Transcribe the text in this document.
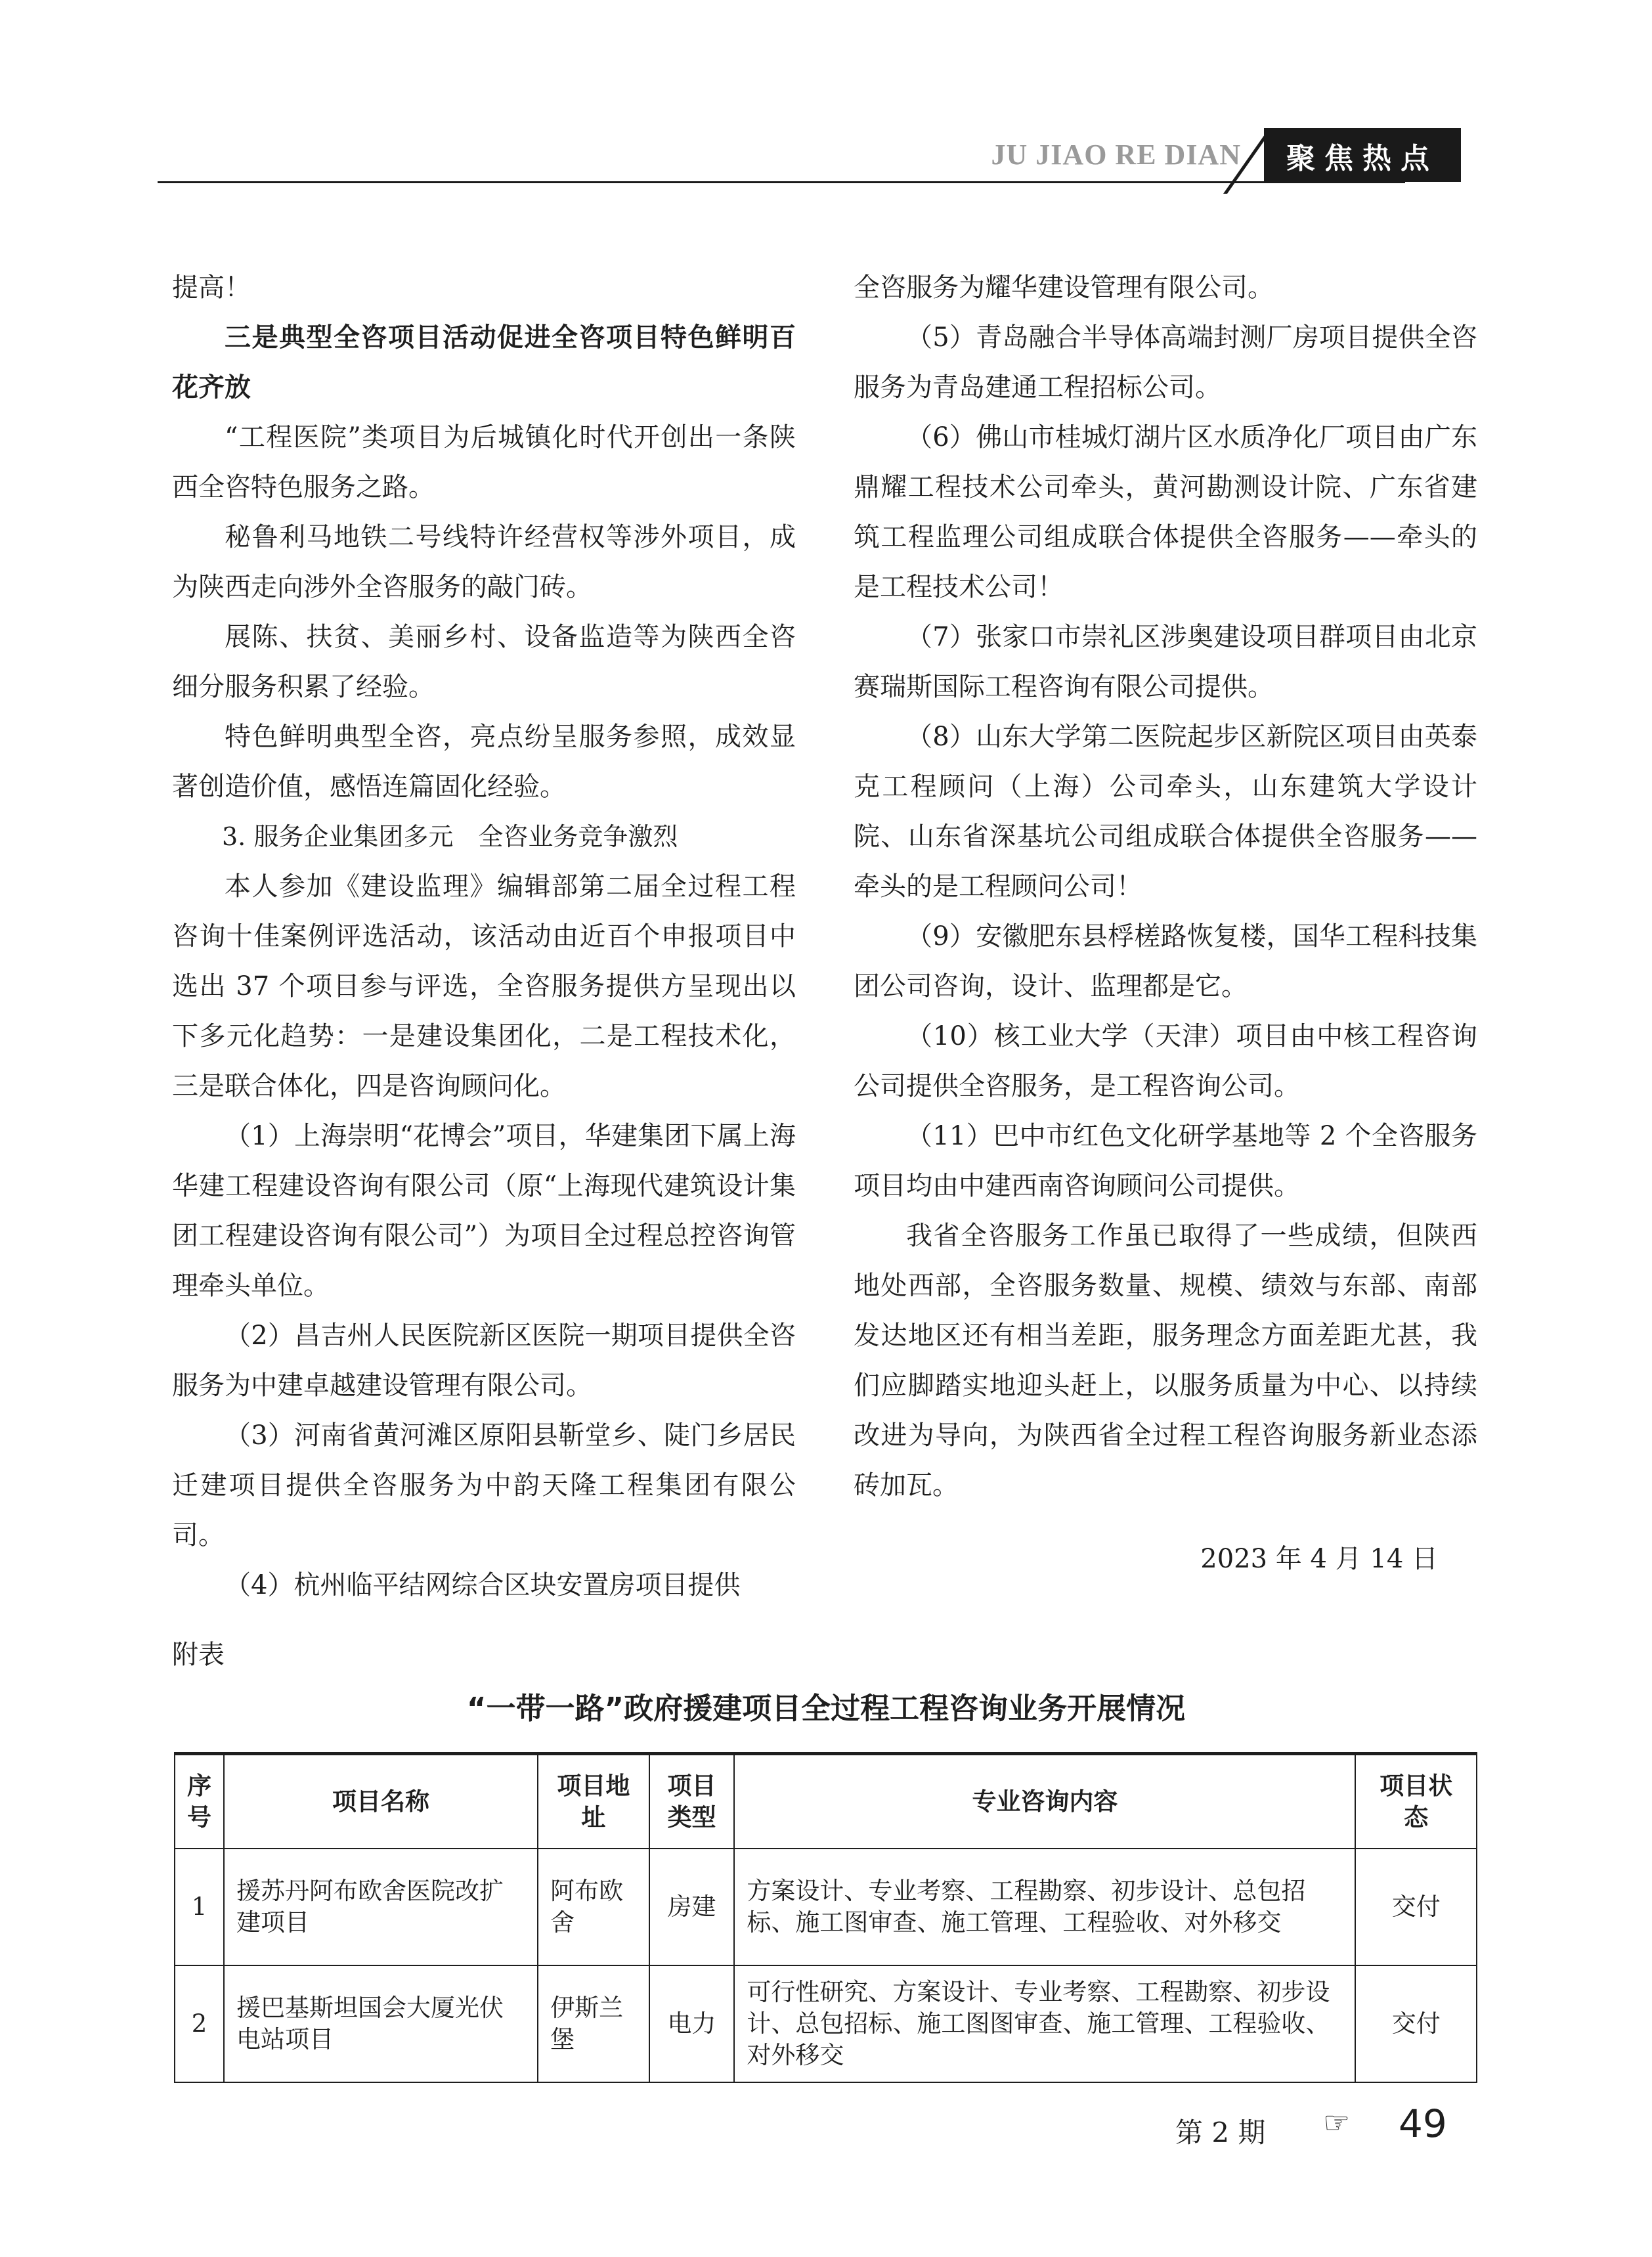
JU JIAO RE DIAN	聚焦热点

提高！

三是典型全咨项目活动促进全咨项目特色鲜明百花齐放

“工程医院”类项目为后城镇化时代开创出一条陕西全咨特色服务之路。

秘鲁利马地铁二号线特许经营权等涉外项目，成为陕西走向涉外全咨服务的敲门砖。

展陈、扶贫、美丽乡村、设备监造等为陕西全咨细分服务积累了经验。

特色鲜明典型全咨，亮点纷呈服务参照，成效显著创造价值，感悟连篇固化经验。

3. 服务企业集团多元　全咨业务竞争激烈

本人参加《建设监理》编辑部第二届全过程工程咨询十佳案例评选活动，该活动由近百个申报项目中选出 37 个项目参与评选，全咨服务提供方呈现出以下多元化趋势：一是建设集团化，二是工程技术化，三是联合体化，四是咨询顾问化。

（1）上海崇明“花博会”项目，华建集团下属上海华建工程建设咨询有限公司（原“上海现代建筑设计集团工程建设咨询有限公司”）为项目全过程总控咨询管理牵头单位。

（2）昌吉州人民医院新区医院一期项目提供全咨服务为中建卓越建设管理有限公司。

（3）河南省黄河滩区原阳县靳堂乡、陡门乡居民迁建项目提供全咨服务为中韵天隆工程集团有限公司。

（4）杭州临平结网综合区块安置房项目提供

全咨服务为耀华建设管理有限公司。

（5）青岛融合半导体高端封测厂房项目提供全咨服务为青岛建通工程招标公司。

（6）佛山市桂城灯湖片区水质净化厂项目由广东鼎耀工程技术公司牵头，黄河勘测设计院、广东省建筑工程监理公司组成联合体提供全咨服务——牵头的是工程技术公司！

（7）张家口市崇礼区涉奥建设项目群项目由北京赛瑞斯国际工程咨询有限公司提供。

（8）山东大学第二医院起步区新院区项目由英泰克工程顾问（上海）公司牵头，山东建筑大学设计院、山东省深基坑公司组成联合体提供全咨服务——牵头的是工程顾问公司！

（9）安徽肥东县桴槎路恢复楼，国华工程科技集团公司咨询，设计、监理都是它。

（10）核工业大学（天津）项目由中核工程咨询公司提供全咨服务，是工程咨询公司。

（11）巴中市红色文化研学基地等 2 个全咨服务项目均由中建西南咨询顾问公司提供。

我省全咨服务工作虽已取得了一些成绩，但陕西地处西部，全咨服务数量、规模、绩效与东部、南部发达地区还有相当差距，服务理念方面差距尤甚，我们应脚踏实地迎头赶上，以服务质量为中心、以持续改进为导向，为陕西省全过程工程咨询服务新业态添砖加瓦。

2023 年 4 月 14 日

附表
“一带一路”政府援建项目全过程工程咨询业务开展情况
序号	项目名称	项目地址	项目类型	专业咨询内容	项目状态
1	援苏丹阿布欧舍医院改扩建项目	阿布欧舍	房建	方案设计、专业考察、工程勘察、初步设计、总包招标、施工图审查、施工管理、工程验收、对外移交	交付
2	援巴基斯坦国会大厦光伏电站项目	伊斯兰堡	电力	可行性研究、方案设计、专业考察、工程勘察、初步设计、总包招标、施工图图审查、施工管理、工程验收、对外移交	交付
第 2 期 ☞ 49
